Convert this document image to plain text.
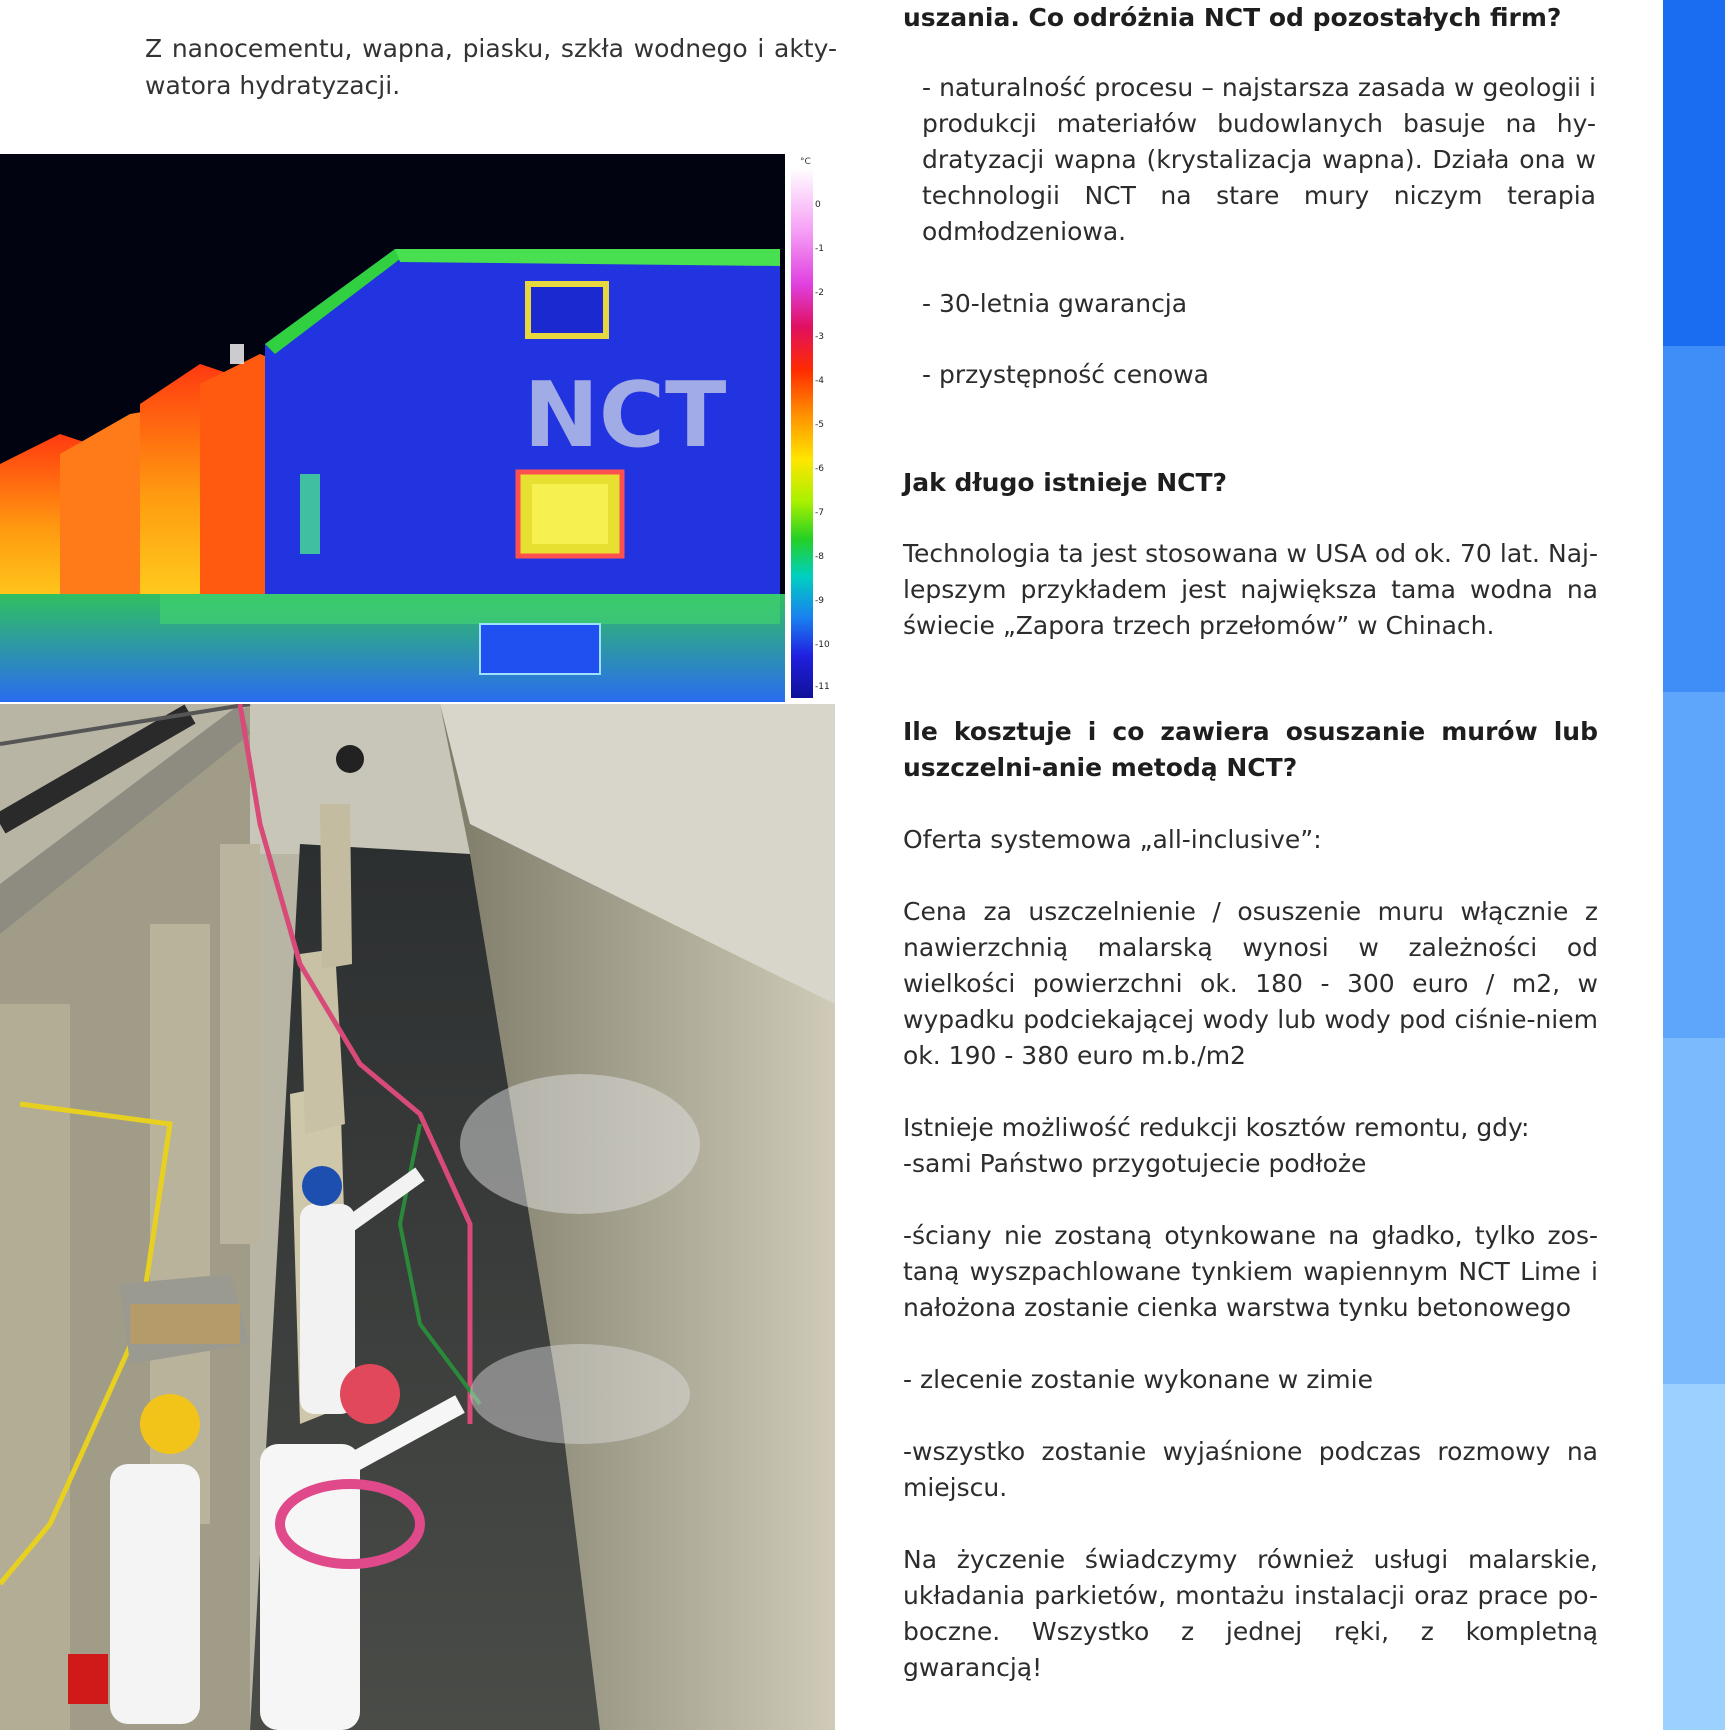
Z nanocementu, wapna, piasku, szkła wodnego i akty-watora hydratyzacji.
NCT
°C
0
-1
-2
-3
-4
-5
-6
-7
-8
-9
-10
-11
uszania. Co odróżnia NCT od pozostałych firm?
- naturalność procesu – najstarsza zasada w geologii i produkcji materiałów budowlanych basuje na hy-dratyzacji wapna (krystalizacja wapna). Działa ona w technologii NCT na stare mury niczym terapia odmłodzeniowa.
- 30-letnia gwarancja
- przystępność cenowa
Jak długo istnieje NCT?
Technologia ta jest stosowana w USA od ok. 70 lat. Naj-lepszym przykładem jest największa tama wodna na świecie „Zapora trzech przełomów” w Chinach.
Ile kosztuje i co zawiera osuszanie murów lub uszczelni-anie metodą NCT?
Oferta systemowa „all-inclusive”:
Cena za uszczelnienie / osuszenie muru włącznie z nawierzchnią malarską wynosi w zależności od wielkości powierzchni ok. 180 - 300 euro / m2, w wypadku podciekającej wody lub wody pod ciśnie-niem ok. 190 - 380 euro m.b./m2
Istnieje możliwość redukcji kosztów remontu, gdy:
-sami Państwo przygotujecie podłoże
-ściany nie zostaną otynkowane na gładko, tylko zos-taną wyszpachlowane tynkiem wapiennym NCT Lime i nałożona zostanie cienka warstwa tynku betonowego
- zlecenie zostanie wykonane w zimie
-wszystko zostanie wyjaśnione podczas rozmowy na miejscu.
Na życzenie świadczymy również usługi malarskie, układania parkietów, montażu instalacji oraz prace po-boczne. Wszystko z jednej ręki, z kompletną gwarancją!
